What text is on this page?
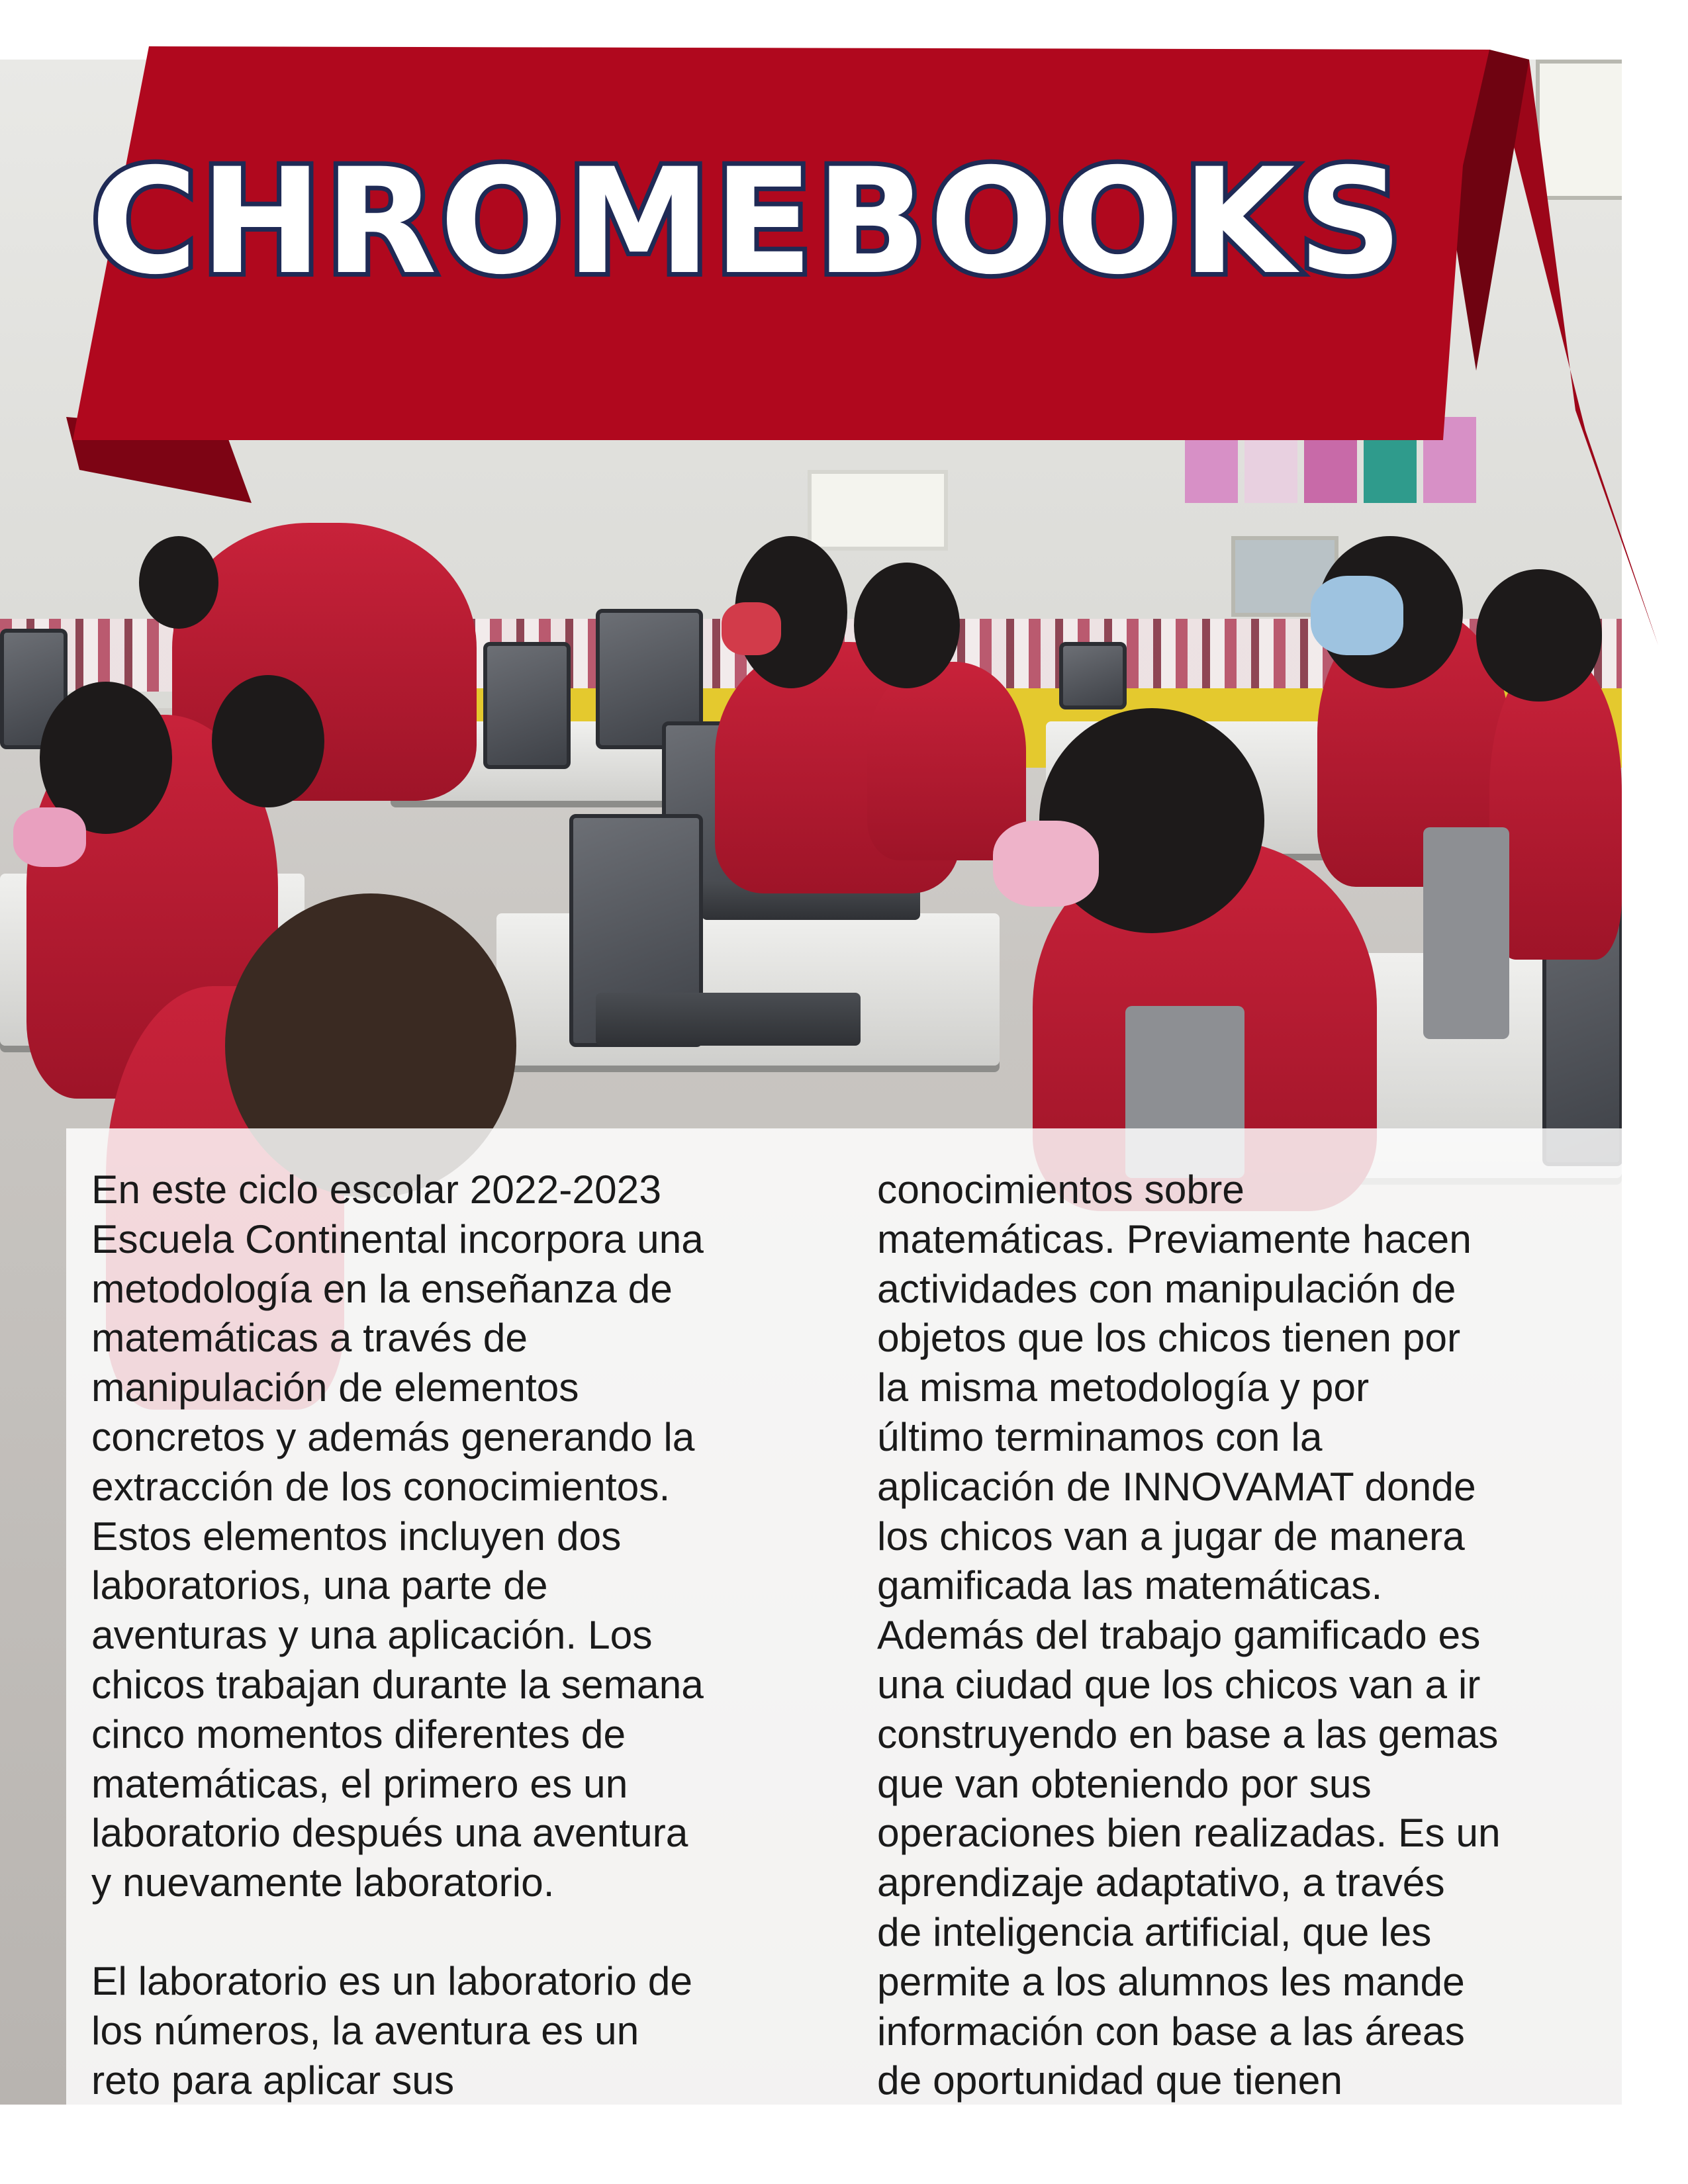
CHROMEBOOKS

En este ciclo escolar 2022-2023
Escuela Continental incorpora una
metodología en la enseñanza de
matemáticas a través de
manipulación de elementos
concretos y además generando la
extracción de los conocimientos.
Estos elementos incluyen dos
laboratorios, una parte de
aventuras y una aplicación. Los
chicos trabajan durante la semana
cinco momentos diferentes de
matemáticas, el primero es un
laboratorio después una aventura
y nuevamente laboratorio.

El laboratorio es un laboratorio de
los números, la aventura es un
reto para aplicar sus

conocimientos sobre
matemáticas. Previamente hacen
actividades con manipulación de
objetos que los chicos tienen por
la misma metodología y por
último terminamos con la
aplicación de INNOVAMAT donde
los chicos van a jugar de manera
gamificada las matemáticas.
Además del trabajo gamificado es
una ciudad que los chicos van a ir
construyendo en base a las gemas
que van obteniendo por sus
operaciones bien realizadas. Es un
aprendizaje adaptativo, a través
de inteligencia artificial, que les
permite a los alumnos les mande
información con base a las áreas
de oportunidad que tienen
